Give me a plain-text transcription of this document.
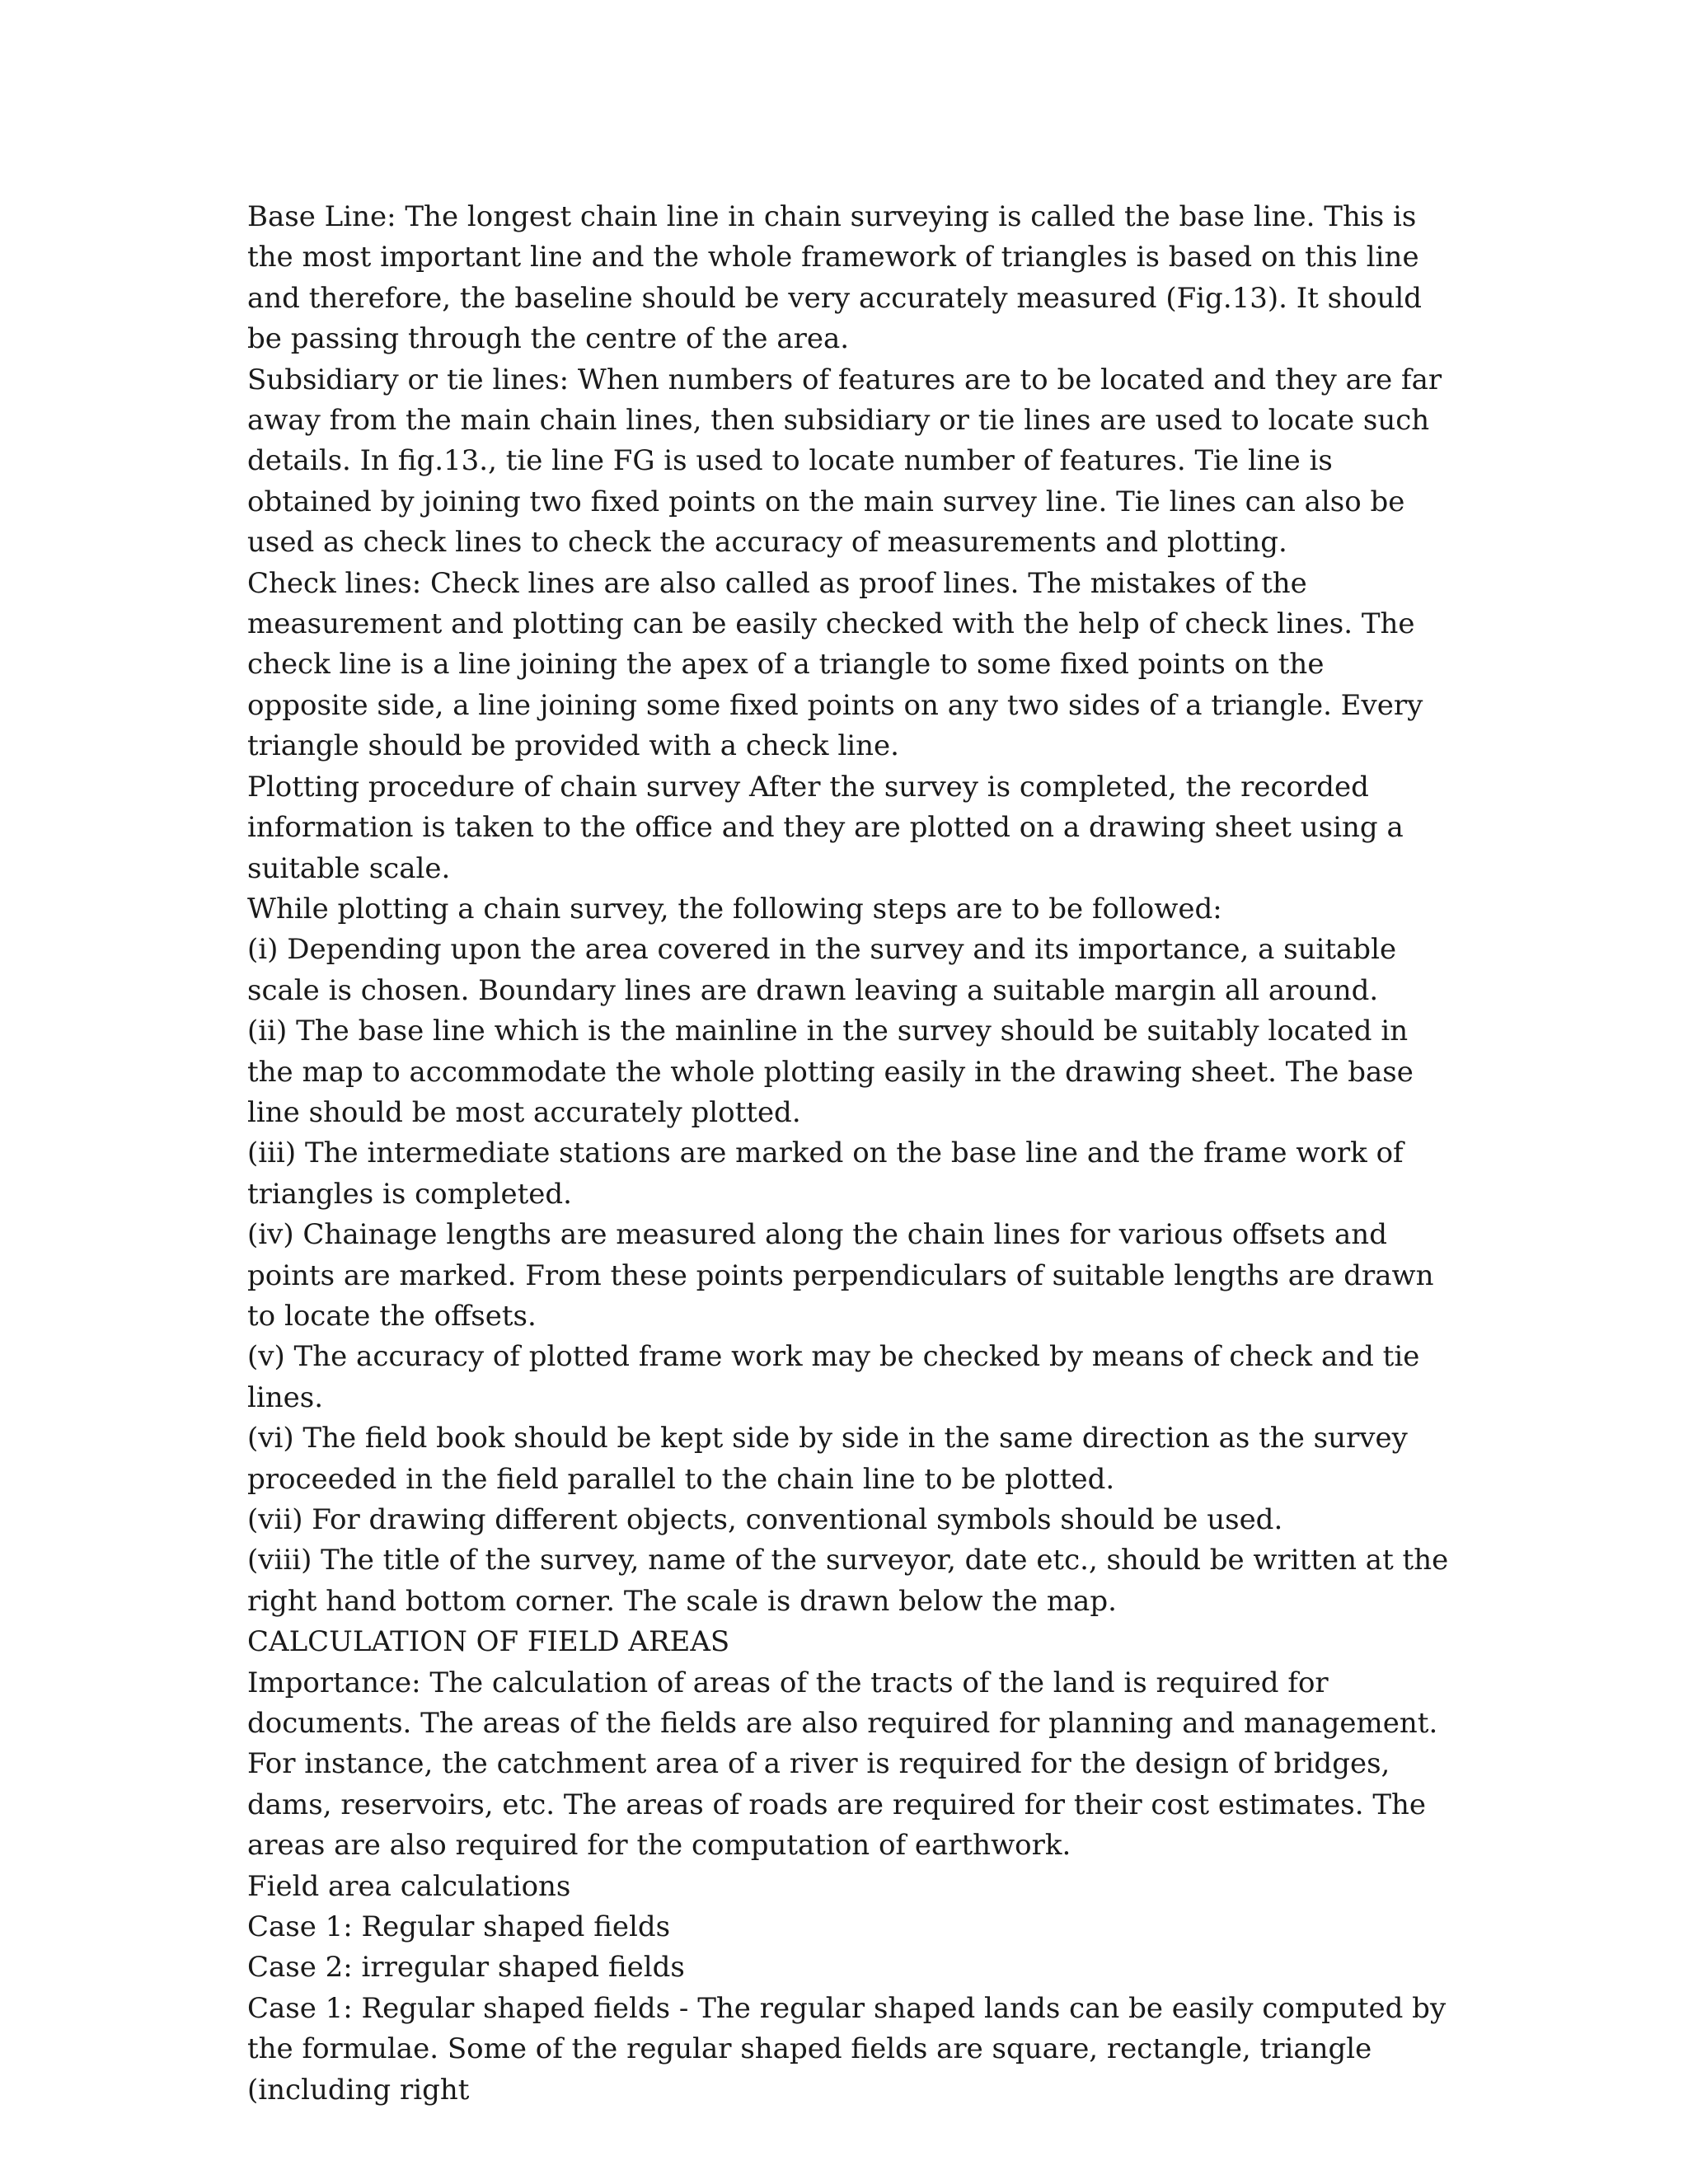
Base Line: The longest chain line in chain surveying is called the base line. This is the most important line and the whole framework of triangles is based on this line and therefore, the baseline should be very accurately measured (Fig.13). It should be passing through the centre of the area.

Subsidiary or tie lines: When numbers of features are to be located and they are far away from the main chain lines, then subsidiary or tie lines are used to locate such details. In fig.13., tie line FG is used to locate number of features. Tie line is obtained by joining two fixed points on the main survey line. Tie lines can also be used as check lines to check the accuracy of measurements and plotting.

Check lines: Check lines are also called as proof lines. The mistakes of the measurement and plotting can be easily checked with the help of check lines. The check line is a line joining the apex of a triangle to some fixed points on the opposite side, a line joining some fixed points on any two sides of a triangle. Every triangle should be provided with a check line.

Plotting procedure of chain survey After the survey is completed, the recorded information is taken to the office and they are plotted on a drawing sheet using a suitable scale.

While plotting a chain survey, the following steps are to be followed:

(i) Depending upon the area covered in the survey and its importance, a suitable scale is chosen. Boundary lines are drawn leaving a suitable margin all around.

(ii) The base line which is the mainline in the survey should be suitably located in the map to accommodate the whole plotting easily in the drawing sheet. The base line should be most accurately plotted.

(iii) The intermediate stations are marked on the base line and the frame work of triangles is completed.

(iv) Chainage lengths are measured along the chain lines for various offsets and points are marked. From these points perpendiculars of suitable lengths are drawn to locate the offsets.

(v) The accuracy of plotted frame work may be checked by means of check and tie lines.

(vi) The field book should be kept side by side in the same direction as the survey proceeded in the field parallel to the chain line to be plotted.

(vii) For drawing different objects, conventional symbols should be used.

(viii) The title of the survey, name of the surveyor, date etc., should be written at the right hand bottom corner. The scale is drawn below the map.

CALCULATION OF FIELD AREAS

Importance: The calculation of areas of the tracts of the land is required for documents. The areas of the fields are also required for planning and management. For instance, the catchment area of a river is required for the design of bridges, dams, reservoirs, etc. The areas of roads are required for their cost estimates. The areas are also required for the computation of earthwork.

Field area calculations

Case 1: Regular shaped fields

Case 2: irregular shaped fields

Case 1: Regular shaped fields - The regular shaped lands can be easily computed by the formulae. Some of the regular shaped fields are square, rectangle, triangle (including right
